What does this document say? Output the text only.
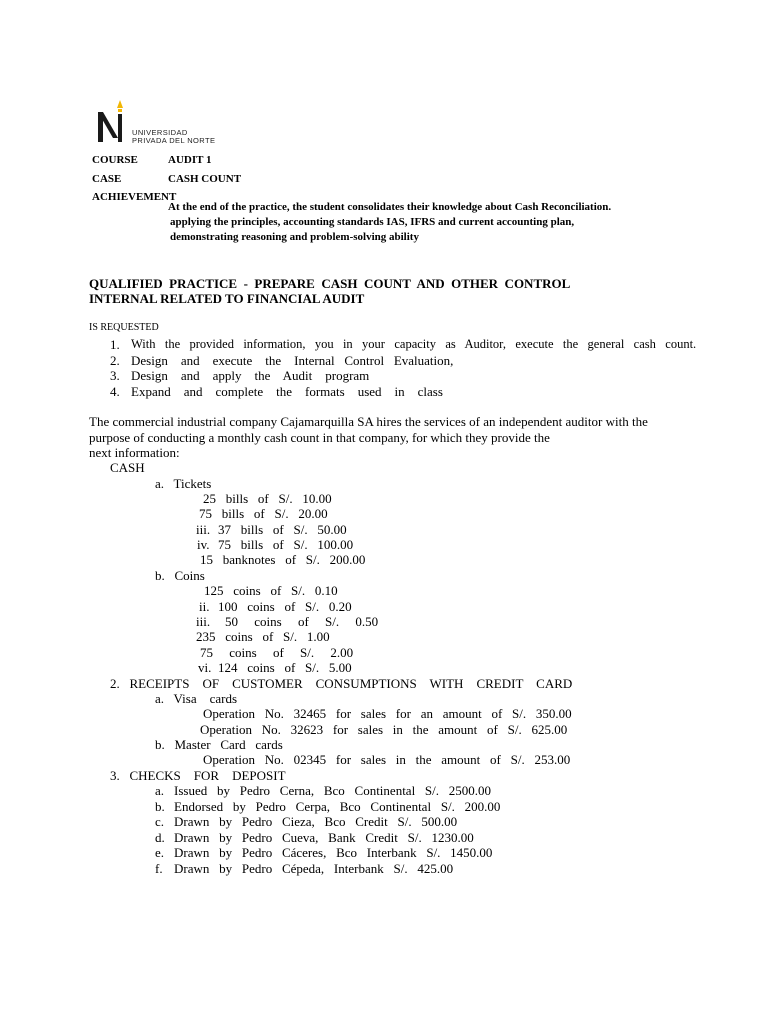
UNIVERSIDAD
PRIVADA DEL NORTE
COURSE	AUDIT 1
CASE	CASH COUNT
ACHIEVEMENT
At the end of the practice, the student consolidates their knowledge about Cash Reconciliation.
applying the principles, accounting standards IAS, IFRS and current accounting plan,
demonstrating reasoning and problem-solving ability
QUALIFIED  PRACTICE  -  PREPARE  CASH  COUNT  AND  OTHER  CONTROL
INTERNAL RELATED TO FINANCIAL AUDIT
IS REQUESTED
1. With   the   provided   information,   you   in   your   capacity   as   Auditor,   execute   the   general   cash   count.
2. Design    and    execute    the    Internal   Control   Evaluation,
3. Design    and    apply    the    Audit    program
4. Expand    and    complete    the    formats    used    in    class
The commercial industrial company Cajamarquilla SA hires the services of an independent auditor with the
purpose of conducting a monthly cash count in that company, for which they provide the
next information:
CASH
a.   Tickets
25   bills   of   S/.   10.00
75   bills   of   S/.   20.00
iii. 37   bills   of   S/.   50.00
iv. 75   bills   of   S/.   100.00
15   banknotes   of   S/.   200.00
b.   Coins
125   coins   of   S/.   0.10
ii. 100   coins   of   S/.   0.20
iii. 50     coins     of     S/.     0.50
235   coins   of   S/.   1.00
75     coins     of     S/.     2.00
vi. 124   coins   of   S/.   5.00
2.   RECEIPTS    OF    CUSTOMER    CONSUMPTIONS    WITH    CREDIT    CARD
a.   Visa    cards
Operation   No.   32465   for   sales   for   an   amount   of   S/.   350.00
Operation   No.   32623   for   sales   in   the   amount   of   S/.   625.00
b.   Master   Card   cards
Operation   No.   02345   for   sales   in   the   amount   of   S/.   253.00
3.   CHECKS    FOR    DEPOSIT
a. Issued   by   Pedro   Cerna,   Bco   Continental   S/.   2500.00
b. Endorsed   by   Pedro   Cerpa,   Bco   Continental   S/.   200.00
c. Drawn   by   Pedro   Cieza,   Bco   Credit   S/.   500.00
d. Drawn   by   Pedro   Cueva,   Bank   Credit   S/.   1230.00
e. Drawn   by   Pedro   Cáceres,   Bco   Interbank   S/.   1450.00
f. Drawn   by   Pedro   Cépeda,   Interbank   S/.   425.00
